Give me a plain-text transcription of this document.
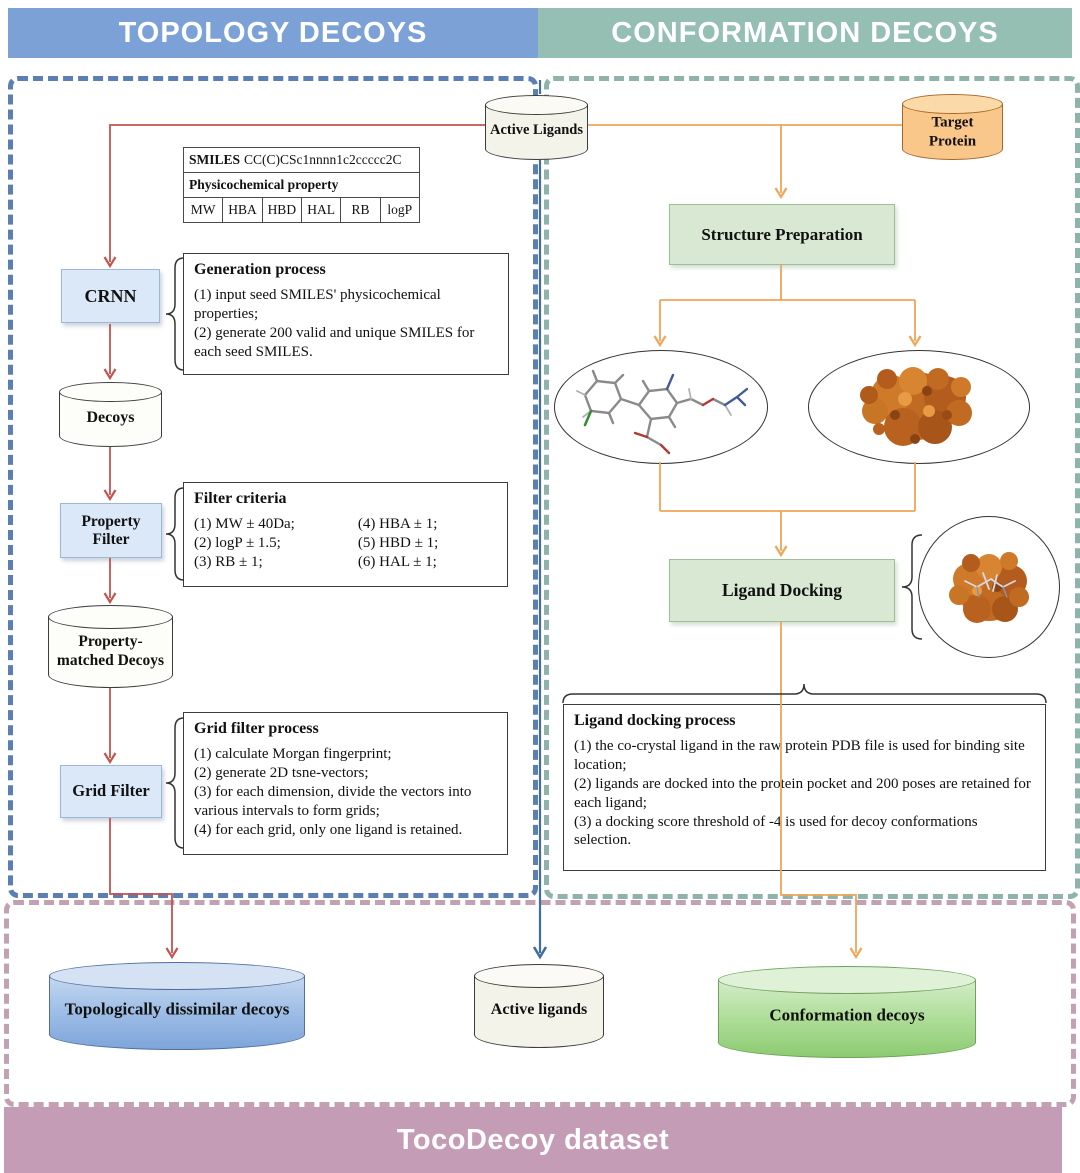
TOPOLOGY DECOYS	CONFORMATION DECOYS
SMILES CC(C)CSc1nnnn1c2ccccc2C
Physicochemical property
MW HBA HBD HAL	RB	logP
CRNN
Generation process
(1) input seed SMILES' physicochemical properties;
(2) generate 200 valid and unique SMILES for each seed SMILES.
Decoys
Property Filter
Filter criteria
(1) MW ± 40Da;	(4) HBA ± 1;
(2) logP ± 1.5;	(5) HBD ± 1;
(3) RB ± 1;	(6) HAL ± 1;
Property- matched Decoys
Grid Filter
Grid filter process
(1) calculate Morgan fingerprint;
(2) generate 2D tsne-vectors;
(3) for each dimension, divide the vectors into various intervals to form grids;
(4) for each grid, only one ligand is retained.
Active Ligands	Target Protein
Structure Preparation
Ligand Docking
Ligand docking process
(1) the co-crystal ligand in the raw protein PDB file is used for binding site location;
(2) ligands are docked into the protein pocket and 200 poses are retained for each ligand;
(3) a docking score threshold of -4 is used for decoy conformations selection.
Topologically dissimilar decoys	Active ligands	Conformation decoys
TocoDecoy dataset
